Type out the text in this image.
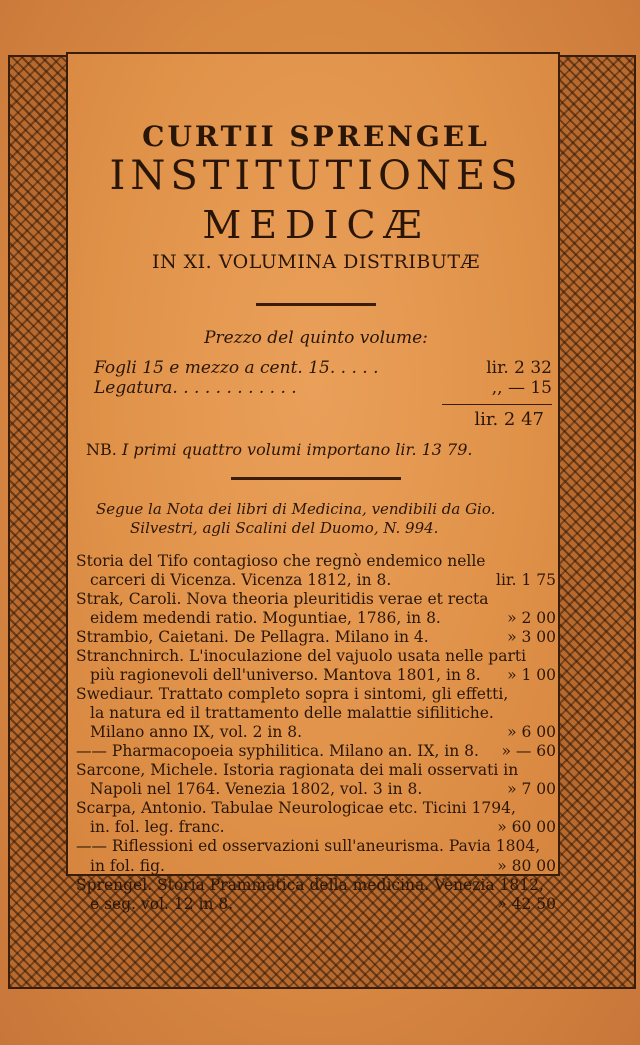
CURTII SPRENGEL
INSTITUTIONES
MEDICÆ
IN XI. VOLUMINA DISTRIBUTÆ
Prezzo del quinto volume:
Fogli 15 e mezzo a cent. 15. . . . .	lir. 2 32
Legatura. . . . . . . . . . . .	,, — 15
lir. 2 47
NB. I primi quattro volumi importano lir. 13 79.
Segue la Nota dei libri di Medicina, vendibili da Gio.
Silvestri, agli Scalini del Duomo, N. 994.
Storia del Tifo contagioso che regnò endemico nelle
carceri di Vicenza. Vicenza 1812, in 8.	lir. 1 75
Strak, Caroli. Nova theoria pleuritidis verae et recta
eidem medendi ratio. Moguntiae, 1786, in 8.	» 2 00
Strambio, Caietani. De Pellagra. Milano in 4.	» 3 00
Stranchnirch. L'inoculazione del vajuolo usata nelle parti
più ragionevoli dell'universo. Mantova 1801, in 8. » 1 00
Swediaur. Trattato completo sopra i sintomi, gli effetti,
la natura ed il trattamento delle malattie sifilitiche.
Milano anno IX, vol. 2 in 8.	» 6 00
—— Pharmacopoeia syphilitica. Milano an. IX, in 8. » — 60
Sarcone, Michele. Istoria ragionata dei mali osservati in
Napoli nel 1764. Venezia 1802, vol. 3 in 8.	» 7 00
Scarpa, Antonio. Tabulae Neurologicae etc. Ticini 1794,
in. fol. leg. franc.	» 60 00
—— Riflessioni ed osservazioni sull'aneurisma. Pavia 1804,
in fol. fig.	» 80 00
Sprengel. Storia Prammatica della medicina. Venezia 1812,
e seg. vol. 12 in 8.	» 42 50
